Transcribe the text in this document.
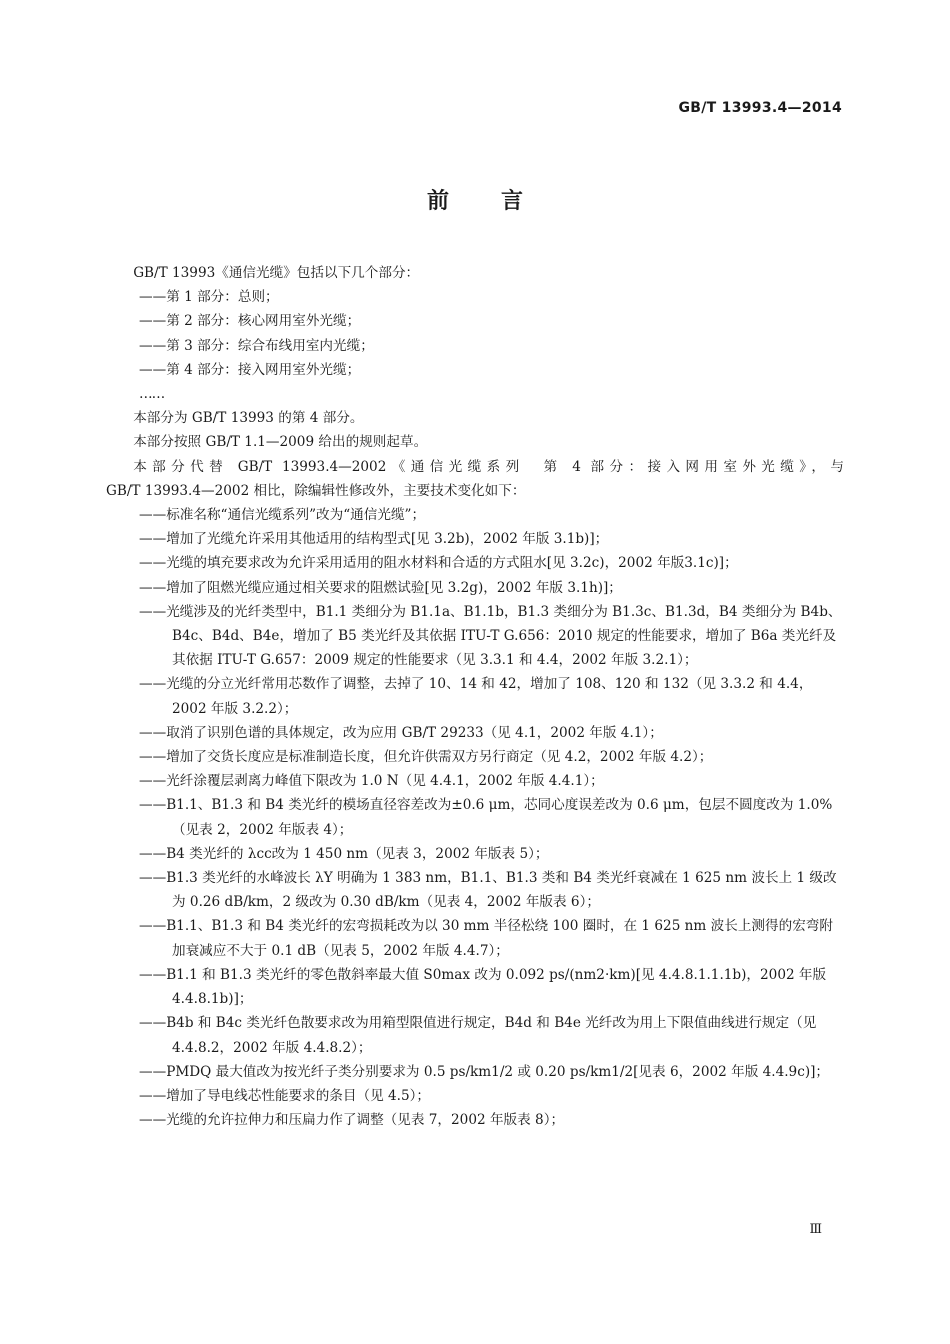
GB/T 13993.4—2014
前言

GB/T 13993《通信光缆》包括以下几个部分：

——第 1 部分：总则；

——第 2 部分：核心网用室外光缆；

——第 3 部分：综合布线用室内光缆；

——第 4 部分：接入网用室外光缆；

……

本部分为 GB/T 13993 的第 4 部分。

本部分按照 GB/T 1.1—2009 给出的规则起草。

本部分代替 GB/T 13993.4—2002《通信光缆系列　第 4 部分：接入网用室外光缆》，与

GB/T 13993.4—2002 相比，除编辑性修改外，主要技术变化如下：

——标准名称“通信光缆系列”改为“通信光缆”；

——增加了光缆允许采用其他适用的结构型式[见 3.2b)，2002 年版 3.1b)]；

——光缆的填充要求改为允许采用适用的阻水材料和合适的方式阻水[见 3.2c)，2002 年版3.1c)]；

——增加了阻燃光缆应通过相关要求的阻燃试验[见 3.2g)，2002 年版 3.1h)]；

——光缆涉及的光纤类型中，B1.1 类细分为 B1.1a、B1.1b，B1.3 类细分为 B1.3c、B1.3d，B4 类细分为 B4b、B4c、B4d、B4e，增加了 B5 类光纤及其依据 ITU-T G.656：2010 规定的性能要求，增加了 B6a 类光纤及其依据 ITU-T G.657：2009 规定的性能要求（见 3.3.1 和 4.4，2002 年版 3.2.1）；

——光缆的分立光纤常用芯数作了调整，去掉了 10、14 和 42，增加了 108、120 和 132（见 3.3.2 和 4.4，2002 年版 3.2.2）；

——取消了识别色谱的具体规定，改为应用 GB/T 29233（见 4.1，2002 年版 4.1）；

——增加了交货长度应是标准制造长度，但允许供需双方另行商定（见 4.2，2002 年版 4.2）；

——光纤涂覆层剥离力峰值下限改为 1.0 N（见 4.4.1，2002 年版 4.4.1）；

——B1.1、B1.3 和 B4 类光纤的模场直径容差改为±0.6 μm，芯同心度误差改为 0.6 μm，包层不圆度改为 1.0%（见表 2，2002 年版表 4）；

——B4 类光纤的 λcc改为 1 450 nm（见表 3，2002 年版表 5）；

——B1.3 类光纤的水峰波长 λY 明确为 1 383 nm，B1.1、B1.3 类和 B4 类光纤衰减在 1 625 nm 波长上 1 级改为 0.26 dB/km，2 级改为 0.30 dB/km（见表 4，2002 年版表 6）；

——B1.1、B1.3 和 B4 类光纤的宏弯损耗改为以 30 mm 半径松绕 100 圈时，在 1 625 nm 波长上测得的宏弯附加衰减应不大于 0.1 dB（见表 5，2002 年版 4.4.7）；

——B1.1 和 B1.3 类光纤的零色散斜率最大值 S0max 改为 0.092 ps/(nm2·km)[见 4.4.8.1.1.1b)，2002 年版 4.4.8.1b)]；

——B4b 和 B4c 类光纤色散要求改为用箱型限值进行规定，B4d 和 B4e 光纤改为用上下限值曲线进行规定（见 4.4.8.2，2002 年版 4.4.8.2）；

——PMDQ 最大值改为按光纤子类分别要求为 0.5 ps/km1/2 或 0.20 ps/km1/2[见表 6，2002 年版 4.4.9c)]；

——增加了导电线芯性能要求的条目（见 4.5）；

——光缆的允许拉伸力和压扁力作了调整（见表 7，2002 年版表 8）；

Ⅲ
